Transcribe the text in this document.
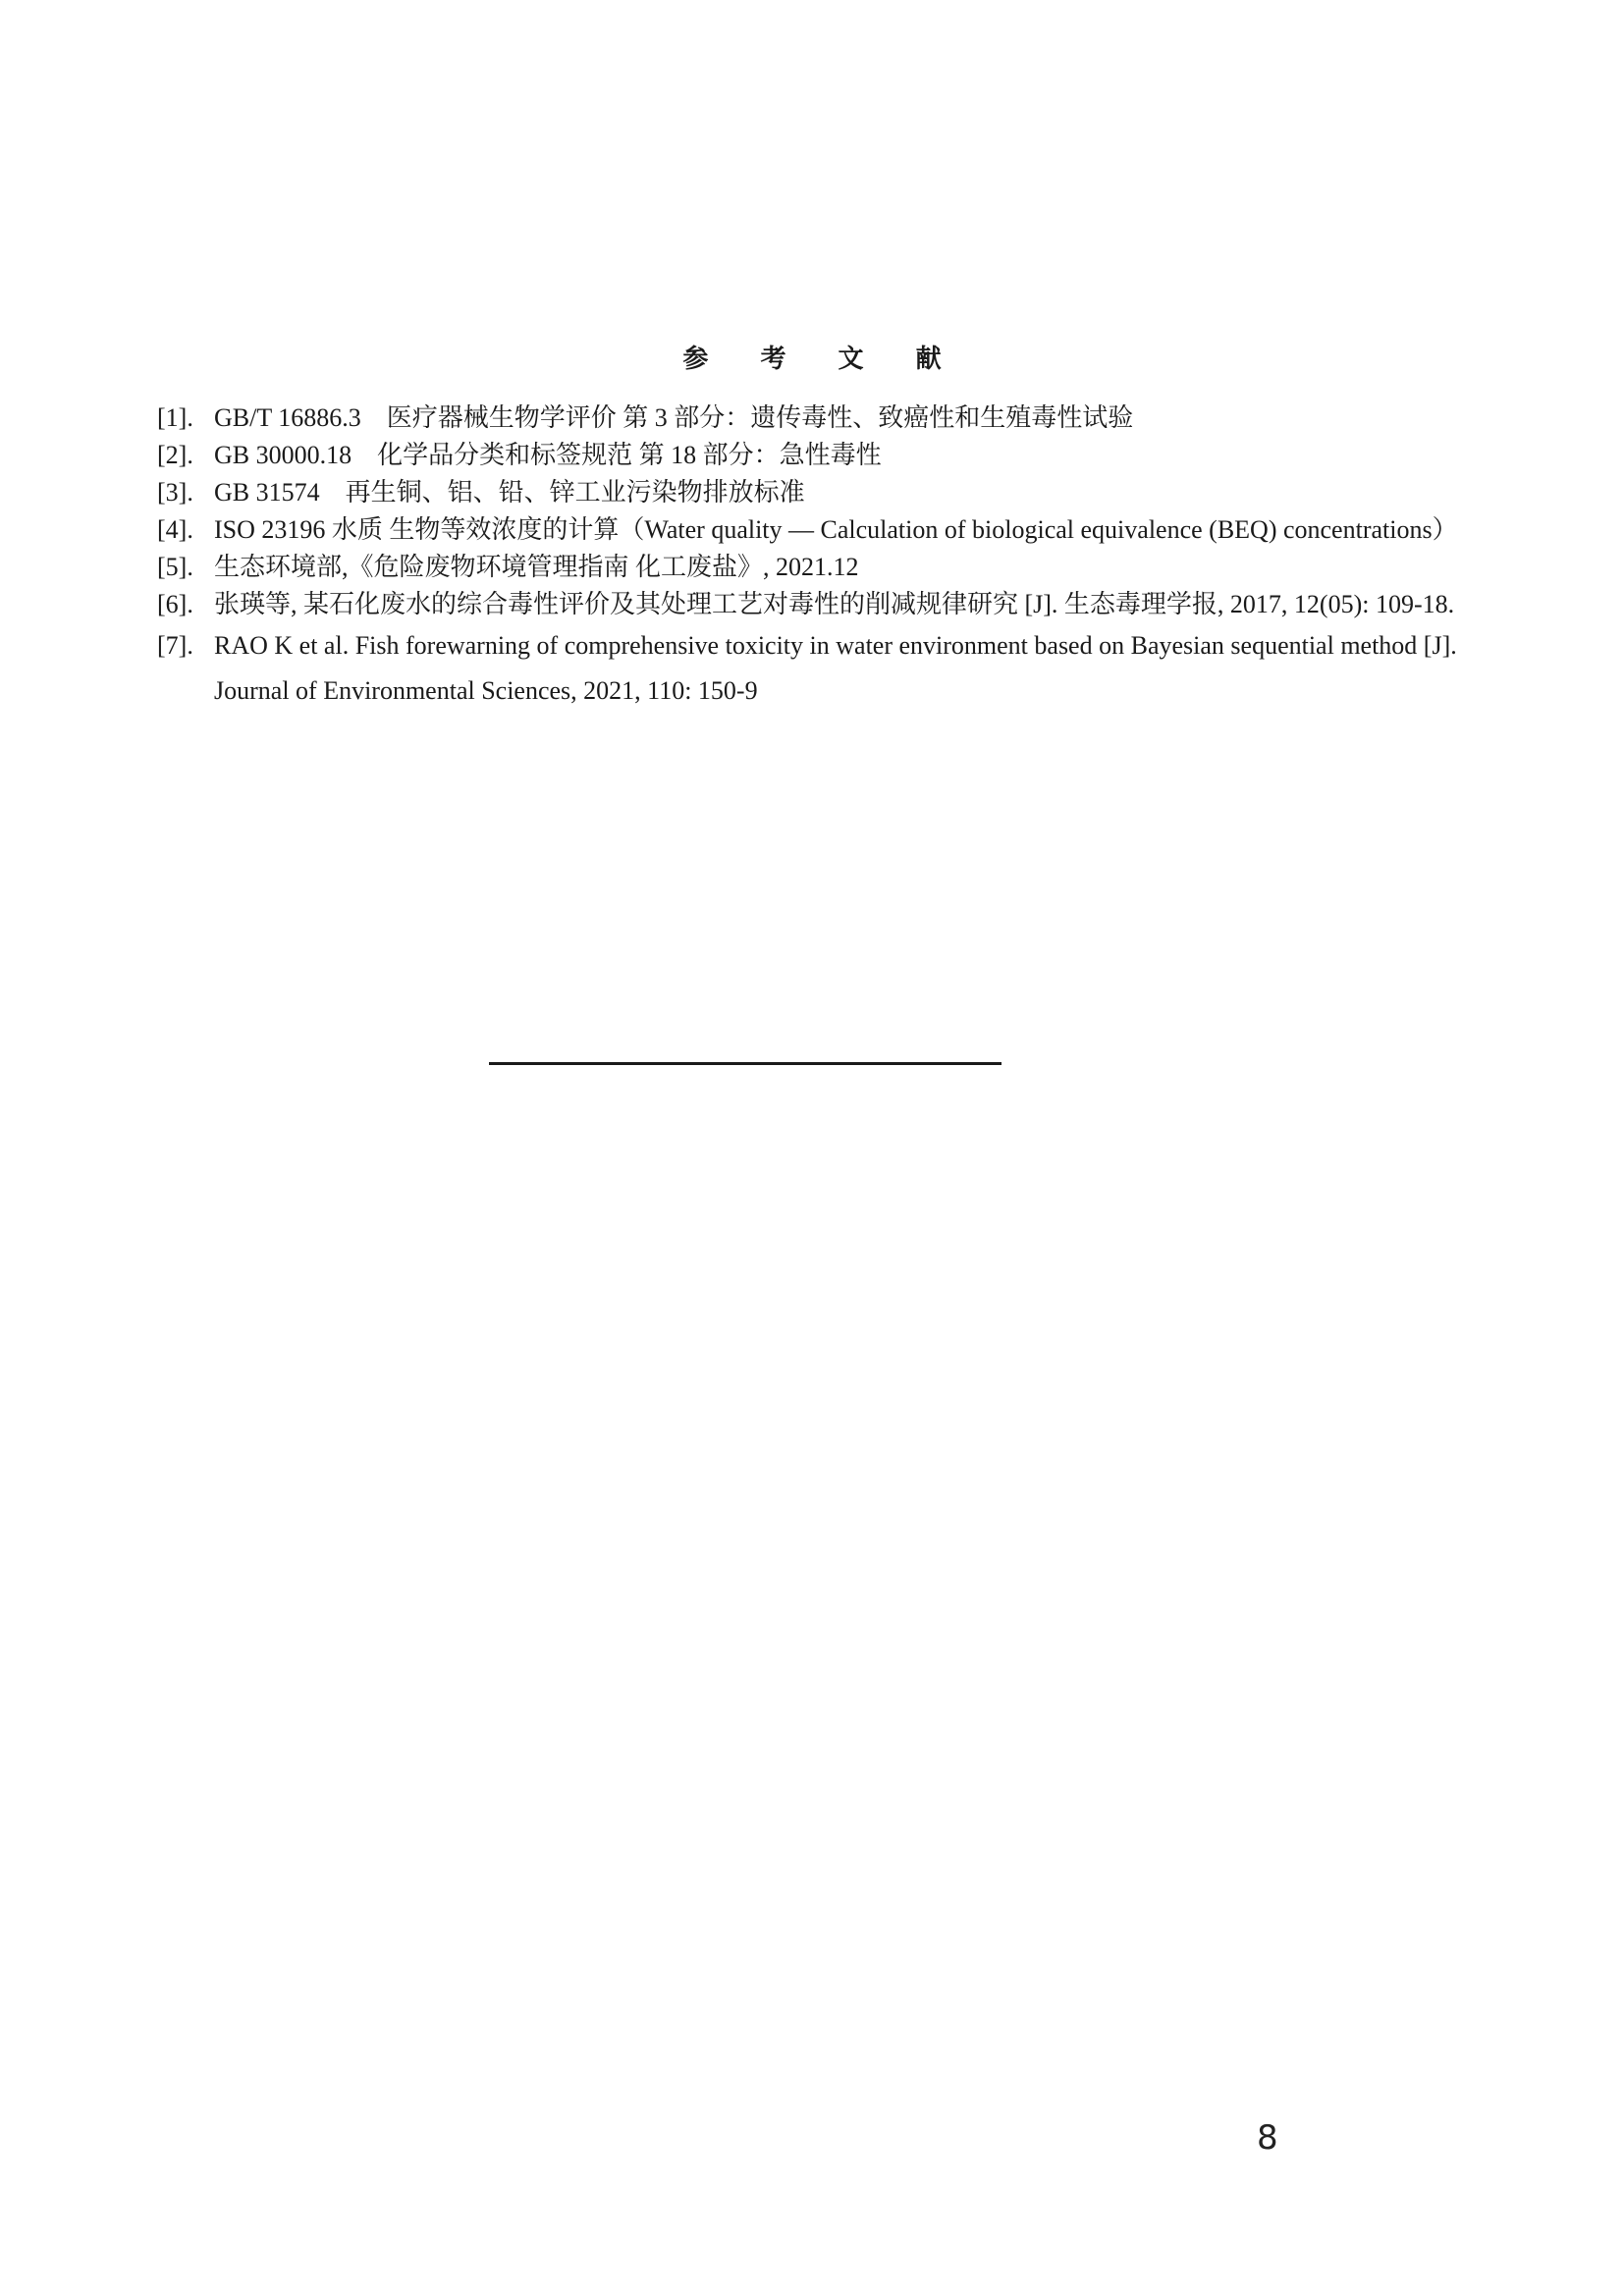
参 考 文 献
[1]. GB/T 16886.3　医疗器械生物学评价 第 3 部分：遗传毒性、致癌性和生殖毒性试验
[2]. GB 30000.18　化学品分类和标签规范 第 18 部分：急性毒性
[3]. GB 31574　再生铜、铝、铅、锌工业污染物排放标准
[4]. ISO 23196 水质 生物等效浓度的计算（Water quality — Calculation of biological equivalence (BEQ) concentrations）
[5]. 生态环境部,《危险废物环境管理指南 化工废盐》, 2021.12
[6]. 张瑛等, 某石化废水的综合毒性评价及其处理工艺对毒性的削减规律研究 [J]. 生态毒理学报, 2017, 12(05): 109-18.
[7]. RAO K et al. Fish forewarning of comprehensive toxicity in water environment based on Bayesian sequential method [J]. Journal of Environmental Sciences, 2021, 110: 150-9
8
